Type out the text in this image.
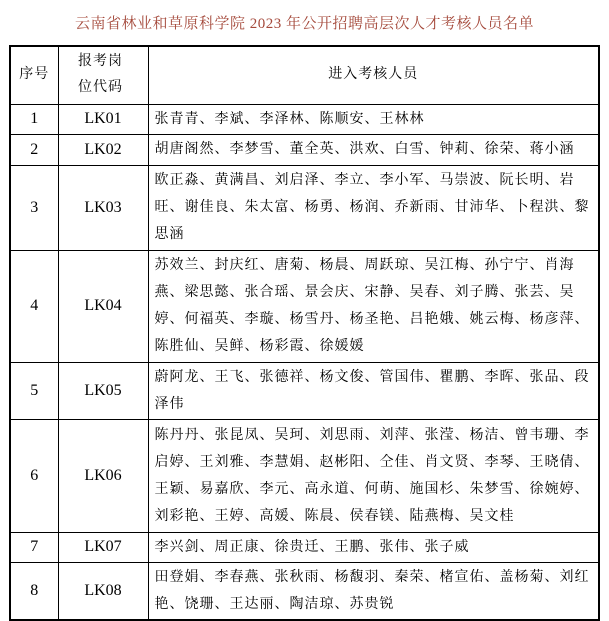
云南省林业和草原科学院 2023 年公开招聘高层次人才考核人员名单
序号	报考岗位代码	进入考核人员
1	LK01	张青青、李斌、李泽林、陈顺安、王林林
2	LK02	胡唐阁然、李梦雪、董全英、洪欢、白雪、钟莉、徐荣、蒋小涵
3	LK03	欧正淼、黄满昌、刘启泽、李立、李小军、马崇波、阮长明、岩旺、谢佳良、朱太富、杨勇、杨润、乔新雨、甘沛华、卜程洪、黎思涵
4	LK04	苏效兰、封庆红、唐菊、杨晨、周跃琼、吴江梅、孙宁宁、肖海燕、梁思懿、张合瑶、景会庆、宋静、吴春、刘子腾、张芸、吴婷、何福英、李璇、杨雪丹、杨圣艳、吕艳娥、姚云梅、杨彦萍、陈胜仙、吴鲜、杨彩霞、徐媛媛
5	LK05	蔚阿龙、王飞、张德祥、杨文俊、管国伟、瞿鹏、李晖、张品、段泽伟
6	LK06	陈丹丹、张昆凤、吴珂、刘思雨、刘萍、张滢、杨洁、曾韦珊、李启婷、王刘雅、李慧娟、赵彬阳、仝佳、肖文贤、李琴、王晓倩、王颖、易嘉欣、李元、高永道、何萌、施国杉、朱梦雪、徐婉婷、刘彩艳、王婷、高媛、陈晨、侯春镁、陆燕梅、吴文桂
7	LK07	李兴剑、周正康、徐贵迁、王鹏、张伟、张子威
8	LK08	田登娟、李春燕、张秋雨、杨馥羽、秦荣、楮宣佑、盖杨菊、刘红艳、饶珊、王达丽、陶洁琼、苏贵锐
